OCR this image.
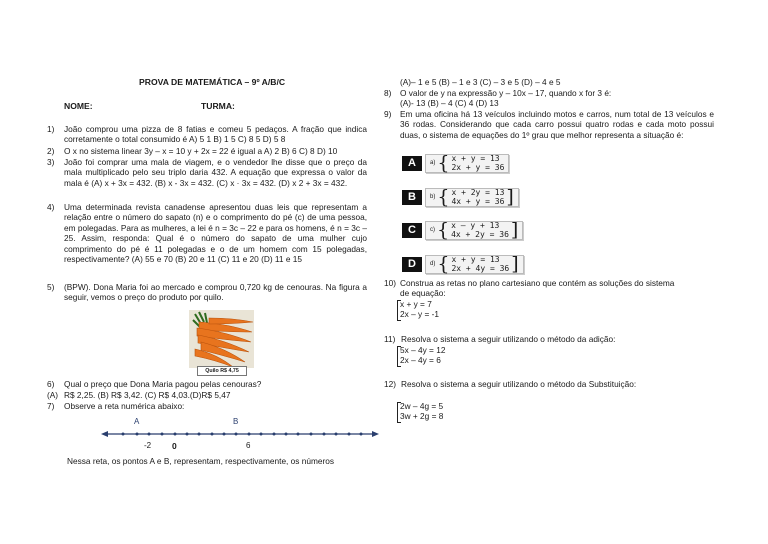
PROVA DE MATEMÁTICA – 9º A/B/C
NOME:	TURMA:
1) João comprou uma pizza de 8 fatias e comeu 5 pedaços. A fração que indica corretamente o total consumido é A) 5 1 B) 1 5 C) 8 5 D) 5 8
2) O x no sistema linear 3y – x = 10 y + 2x = 22 é igual a A) 2 B) 6 C) 8 D) 10
3) João foi comprar uma mala de viagem, e o vendedor lhe disse que o preço da mala multiplicado pelo seu triplo daria 432. A equação que expressa o valor da mala é (A) x + 3x = 432. (B) x - 3x = 432. (C) x · 3x = 432. (D) x 2 + 3x = 432.
4) Uma determinada revista canadense apresentou duas leis que representam a relação entre o número do sapato (n) e o comprimento do pé (c) de uma pessoa, em polegadas. Para as mulheres, a lei é n = 3c – 22 e para os homens, é n = 3c – 25. Assim, responda: Qual é o número do sapato de uma mulher cujo comprimento do pé é 11 polegadas e o de um homem com 15 polegadas, respectivamente? (A) 55 e 70 (B) 20 e 11 (C) 11 e 20 (D) 11 e 15
5) (BPW). Dona Maria foi ao mercado e comprou 0,720 kg de cenouras. Na figura a seguir, vemos o preço do produto por quilo.
Quilo R$ 4,75
6) Qual o preço que Dona Maria pagou pelas cenouras?
(A) R$ 2,25. (B) R$ 3,42. (C) R$ 4,03.(D)R$ 5,47
7) Observe a reta numérica abaixo:
A	B
-2 0	6
Nessa reta, os pontos A e B, representam, respectivamente, os números
(A)– 1 e 5 (B) – 1 e 3 (C) – 3 e 5 (D) – 4 e 5
8) O valor de y na expressão y – 10x – 17, quando x for 3 é:
(A)- 13 (B) – 4 (C) 4 (D) 13
9) Em uma oficina há 13 veículos incluindo motos e carros, num total de 13 veículos e 36 rodas. Considerando que cada carro possui quatro rodas e cada moto possui duas, o sistema de equações do 1º grau que melhor representa a situação é:
A	a) { x + y = 13
2x + y = 36
B	b) { x + 2y = 13
4x + y = 36 ]
C	c) { x – y + 13
4x + 2y = 36 ]
D	d) { x + y = 13
2x + 4y = 36 ]
10) Construa as retas no plano cartesiano que contém as soluções do sistema
de equação:
x + y = 7
2x – y = -1
11) Resolva o sistema a seguir utilizando o método da adição:
5x – 4y = 12
2x – 4y = 6
12) Resolva o sistema a seguir utilizando o método da Substituição:
2w – 4g = 5
3w + 2g = 8
